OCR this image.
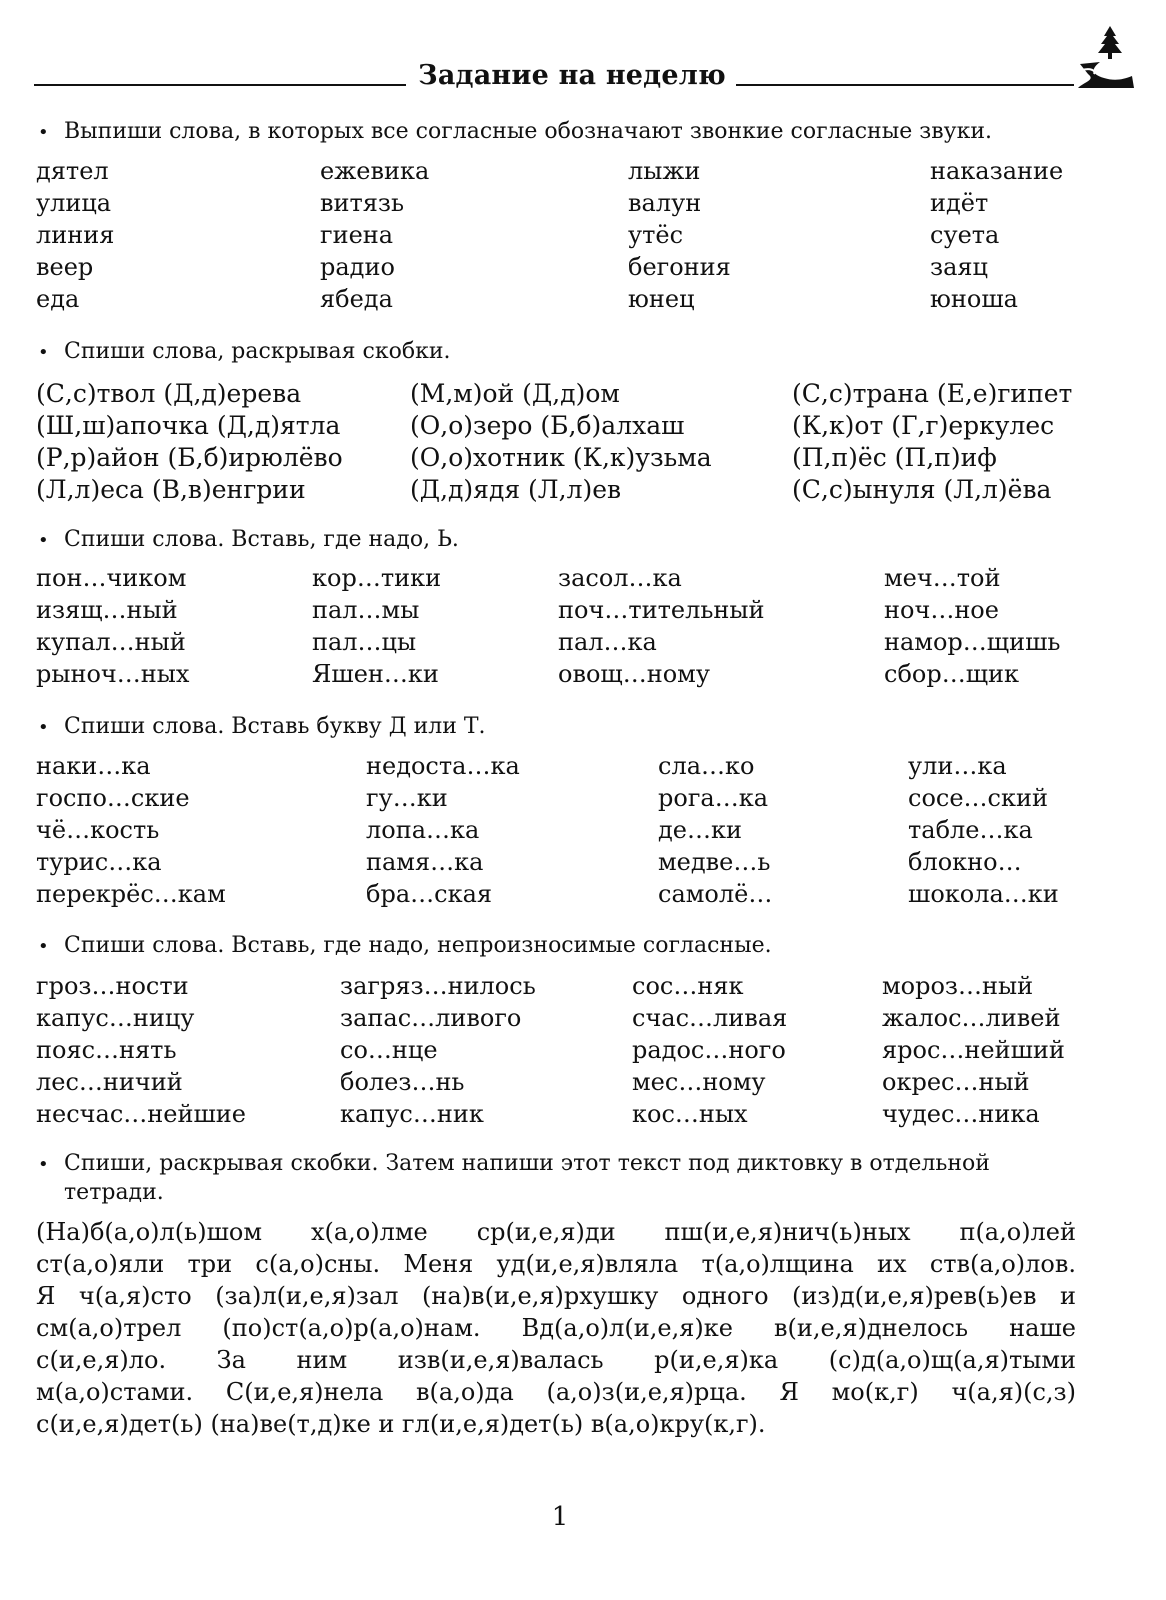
Задание на неделю
• Выпиши слова, в которых все согласные обозначают звонкие согласные звуки.
дятел	ежевика	лыжи	наказание
улица	витязь	валун	идёт
линия	гиена	утёс	суета
веер	радио	бегония	заяц
еда	ябеда	юнец	юноша
• Спиши слова, раскрывая скобки.
(С,с)твол (Д,д)ерева	(М,м)ой (Д,д)ом	(С,с)трана (Е,е)гипет
(Ш,ш)апочка (Д,д)ятла	(О,о)зеро (Б,б)алхаш	(К,к)от (Г,г)еркулес
(Р,р)айон (Б,б)ирюлёво	(О,о)хотник (К,к)узьма	(П,п)ёс (П,п)иф
(Л,л)еса (В,в)енгрии	(Д,д)ядя (Л,л)ев	(С,с)ынуля (Л,л)ёва
• Спиши слова. Вставь, где надо, Ь.
пон…чиком	кор…тики	засол…ка	меч…той
изящ…ный	пал…мы	поч…тительный	ноч…ное
купал…ный	пал…цы	пал…ка	намор…щишь
рыноч…ных	Яшен…ки	овощ…ному	сбор…щик
• Спиши слова. Вставь букву Д или Т.
наки…ка	недоста…ка	сла…ко	ули…ка
госпо…ские	гу…ки	рога…ка	сосе…ский
чё…кость	лопа…ка	де…ки	табле…ка
турис…ка	памя…ка	медве…ь	блокно…
перекрёс…кам	бра…ская	самолё…	шокола…ки
• Спиши слова. Вставь, где надо, непроизносимые согласные.
гроз…ности	загряз…нилось	сос…няк	мороз…ный
капус…ницу	запас…ливого	счас…ливая	жалос…ливей
пояс…нять	со…нце	радос…ного	ярос…нейший
лес…ничий	болез…нь	мес…ному	окрес…ный
несчас…нейшие	капус…ник	кос…ных	чудес…ника
• Спиши, раскрывая скобки. Затем напиши этот текст под диктовку в отдельной
тетради.
(На)б(а,о)л(ь)шом х(а,о)лме ср(и,е,я)ди пш(и,е,я)нич(ь)ных п(а,о)лей
ст(а,о)яли три с(а,о)сны. Меня уд(и,е,я)вляла т(а,о)лщина их ств(а,о)лов.
Я ч(а,я)сто (за)л(и,е,я)зал (на)в(и,е,я)рхушку одного (из)д(и,е,я)рев(ь)ев и
см(а,о)трел (по)ст(а,о)р(а,о)нам. Вд(а,о)л(и,е,я)ке в(и,е,я)днелось наше
с(и,е,я)ло. За ним изв(и,е,я)валась р(и,е,я)ка (с)д(а,о)щ(а,я)тыми
м(а,о)стами. С(и,е,я)нела в(а,о)да (а,о)з(и,е,я)рца. Я мо(к,г) ч(а,я)(с,з)
с(и,е,я)дет(ь) (на)ве(т,д)ке и гл(и,е,я)дет(ь) в(а,о)кру(к,г).
1
